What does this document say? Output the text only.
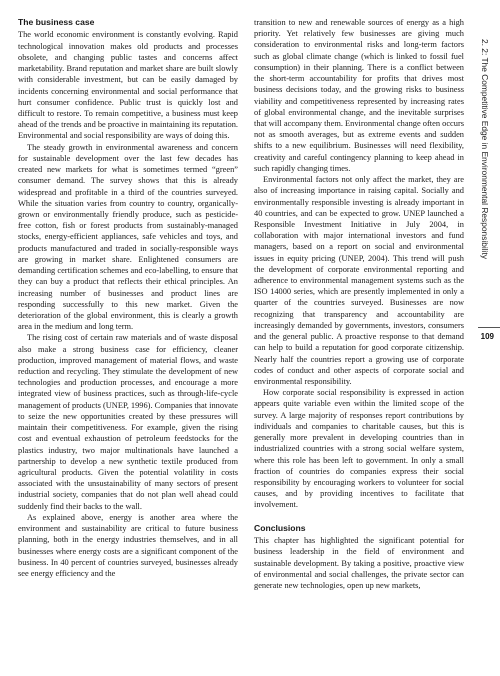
The business case

The world economic environment is constantly evolving. Rapid technological innovation makes old products and processes obsolete, and changing public tastes and concerns affect marketability. Brand reputation and market share are built slowly with considerable investment, but can be easily damaged by incidents concerning environmental and social performance that hurt consumer confidence. Public trust is quickly lost and difficult to restore. To remain competitive, a business must keep ahead of the trends and be proactive in maintaining its reputation. Environmental and social responsibility are ways of doing this.

The steady growth in environmental awareness and concern for sustainable development over the last few decades has created new markets for what is sometimes termed “green” consumer demand. The survey shows that this is already widespread and profitable in a third of the countries surveyed. While the situation varies from country to country, organically-grown or environmentally friendly produce, such as pesticide-free cotton, fish or forest products from sustainably-managed stocks, energy-efficient appliances, safe vehicles and toys, and products manufactured and traded in socially-responsible ways are growing in market share. Enlightened consumers are demanding certification schemes and eco-labelling, to ensure that they can buy a product that reflects their ethical principles. An increasing number of businesses and product lines are responding successfully to this new market. Given the deterioration of the global environment, this is clearly a growth area in the medium and long term.

The rising cost of certain raw materials and of waste disposal also make a strong business case for efficiency, cleaner production, improved management of material flows, and waste reduction and recycling. They stimulate the development of new technologies and production processes, and encourage a more integrated view of business practices, such as through-life-cycle management of products (UNEP, 1996). Companies that innovate to seize the new opportunities created by these pressures will maintain their competitiveness. For example, given the rising cost and eventual exhaustion of petroleum feedstocks for the plastics industry, two major multinationals have launched a partnership to develop a new synthetic textile produced from agricultural products. Given the potential volatility in costs associated with the unsustainability of many sectors of present industrial society, companies that do not plan well ahead could suddenly find their backs to the wall.

As explained above, energy is another area where the environment and sustainability are critical to future business planning, both in the energy industries themselves, and in all businesses where energy costs are a significant component of the business. In 40 percent of countries surveyed, businesses already see energy efficiency and the

transition to new and renewable sources of energy as a high priority. Yet relatively few businesses are giving much consideration to environmental risks and long-term factors such as global climate change (which is linked to fossil fuel consumption) in their planning. There is a conflict between the short-term accountability for profits that drives most business decisions today, and the growing risks to business viability and competitiveness represented by increasing rates of global environmental change, and the inevitable surprises that will accompany them. Environmental change often occurs not as smooth averages, but as extreme events and sudden shifts to a new equilibrium. Businesses will need flexibility, creativity and careful contingency planning to keep ahead in such rapidly changing times.

Environmental factors not only affect the market, they are also of increasing importance in raising capital. Socially and environmentally responsible investing is already important in 40 countries, and can be expected to grow. UNEP launched a Responsible Investment Initiative in July 2004, in collaboration with major international investors and fund managers, based on a report on social and environmental issues in equity pricing (UNEP, 2004). This trend will push the development of corporate environmental reporting and adherence to environmental management systems such as the ISO 14000 series, which are presently implemented in only a quarter of the countries surveyed. Businesses are now recognizing that transparency and accountability are increasingly demanded by governments, investors, consumers and the general public. A proactive response to that demand can help to build a reputation for good corporate citizenship. Nearly half the countries report a growing use of corporate codes of conduct and other aspects of corporate social and environmental responsibility.

How corporate social responsibility is expressed in action appears quite variable even within the limited scope of the survey. A large majority of responses report contributions by individuals and companies to charitable causes, but this is generally more prevalent in developing countries than in industrialized countries with a strong social welfare system, where this role has been left to government. In only a small fraction of countries do companies express their social responsibility by encouraging workers to volunteer for social causes, and by providing incentives to facilitate that involvement.

Conclusions

This chapter has highlighted the significant potential for business leadership in the field of environment and sustainable development. By taking a positive, proactive view of environmental and social challenges, the private sector can generate new technologies, open up new markets,

2. 2: The Competitive Edge in Environmental Responsibility
109
